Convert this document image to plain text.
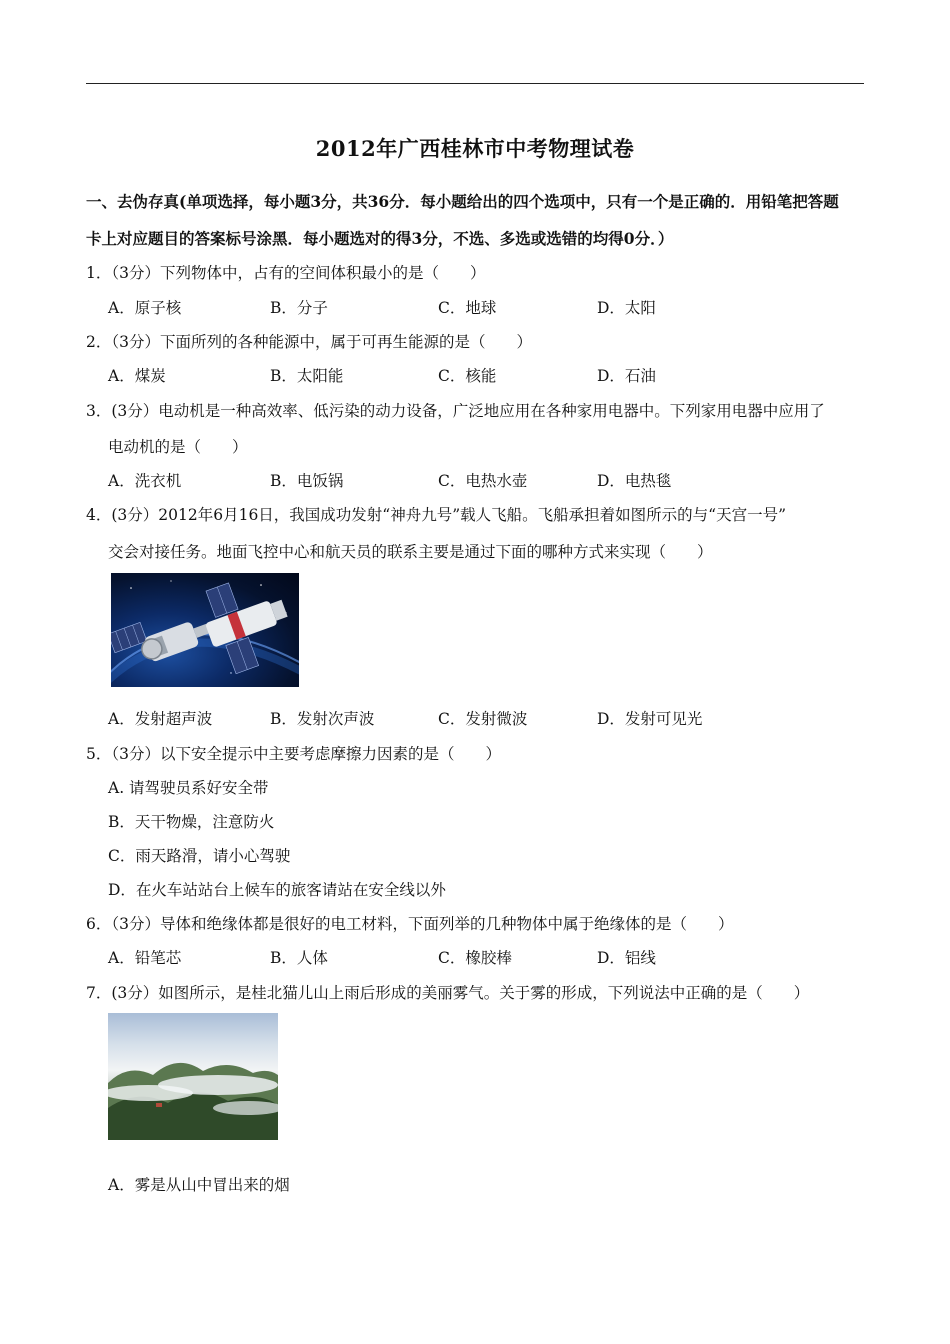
2012年广西桂林市中考物理试卷
一、去伪存真(单项选择，每小题3分，共36分．每小题给出的四个选项中，只有一个是正确的．用铅笔把答题
卡上对应题目的答案标号涂黑．每小题选对的得3分，不选、多选或选错的均得0分．）
1．（3分）下列物体中，占有的空间体积最小的是（　　）
A．原子核	B．分子	C．地球	D．太阳
2．（3分）下面所列的各种能源中，属于可再生能源的是（　　）
A．煤炭	B．太阳能	C．核能	D．石油
3．(3分）电动机是一种高效率、低污染的动力设备，广泛地应用在各种家用电器中。下列家用电器中应用了
电动机的是（　　）
A．洗衣机	B．电饭锅	C．电热水壶	D．电热毯
4．(3分）2012年6月16日，我国成功发射“神舟九号”载人飞船。飞船承担着如图所示的与“天宫一号”
交会对接任务。地面飞控中心和航天员的联系主要是通过下面的哪种方式来实现（　　）
A．发射超声波	B．发射次声波	C．发射微波	D．发射可见光
5．（3分）以下安全提示中主要考虑摩擦力因素的是（　　）
A. 请驾驶员系好安全带
B．天干物燥，注意防火
C．雨天路滑，请小心驾驶
D．在火车站站台上候车的旅客请站在安全线以外
6．（3分）导体和绝缘体都是很好的电工材料，下面列举的几种物体中属于绝缘体的是（　　）
A．铅笔芯	B．人体	C．橡胶棒	D．铝线
7．(3分）如图所示，是桂北猫儿山上雨后形成的美丽雾气。关于雾的形成，下列说法中正确的是（　　）
A．雾是从山中冒出来的烟
